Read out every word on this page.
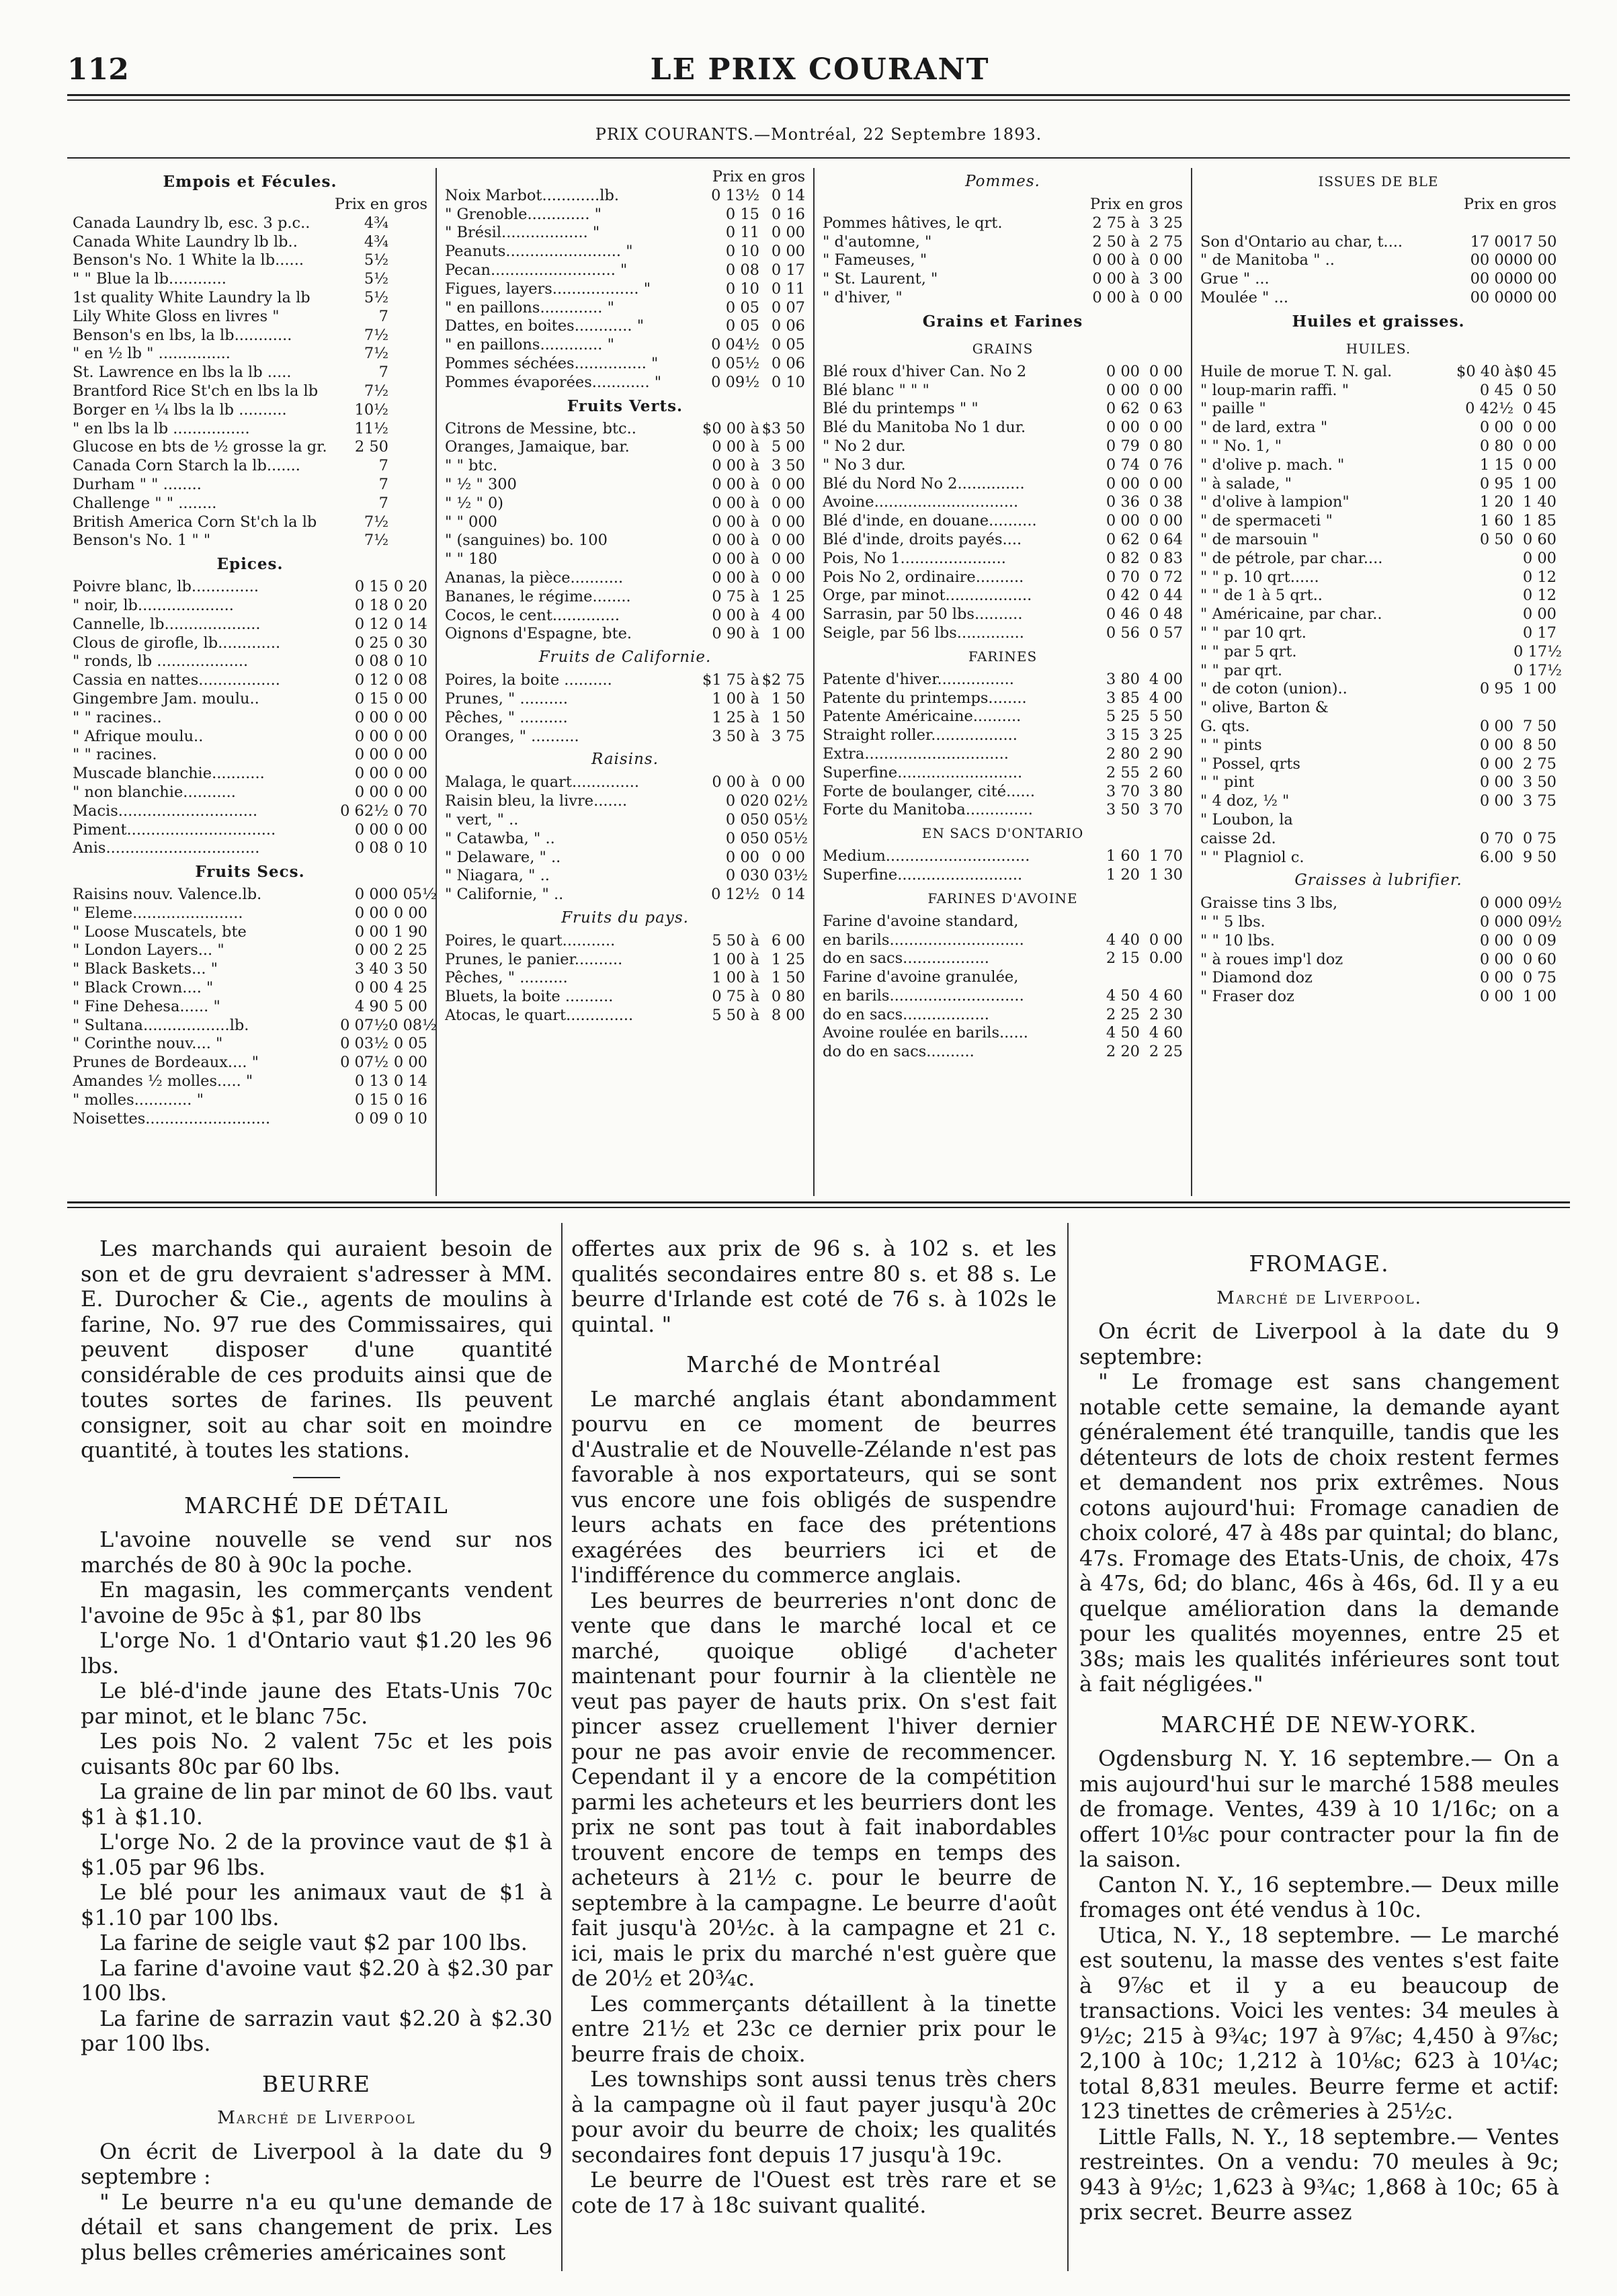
112	LE PRIX COURANT
PRIX COURANTS.—Montréal, 22 Septembre 1893.
Empois et Fécules.
Prix en gros
Canada Laundry lb, esc. 3 p.c..	4¾
Canada White Laundry lb lb..	4¾
Benson's No. 1 White la lb......	5½
" " Blue la lb............	5½
1st quality White Laundry la lb	5½
Lily White Gloss en livres "	7
Benson's en lbs, la lb............	7½
" en ½ lb " ...............	7½
St. Lawrence en lbs la lb .....	7
Brantford Rice St'ch en lbs la lb	7½
Borger en ¼ lbs la lb ..........	10½
" en lbs la lb ................	11½
Glucose en bts de ½ grosse la gr.	2 50
Canada Corn Starch la lb.......	7
Durham " " ........	7
Challenge " " ........	7
British America Corn St'ch la lb	7½
Benson's No. 1 " "	7½
Epices.
Poivre blanc, lb..............	0 15 0 20
" noir, lb....................	0 18 0 20
Cannelle, lb....................	0 12 0 14
Clous de girofle, lb.............	0 25 0 30
" ronds, lb ...................	0 08 0 10
Cassia en nattes.................	0 12 0 08
Gingembre Jam. moulu..	0 15 0 00
" " racines..	0 00 0 00
" Afrique moulu..	0 00 0 00
" " racines.	0 00 0 00
Muscade blanchie...........	0 00 0 00
" non blanchie...........	0 00 0 00
Macis.............................	0 62½ 0 70
Piment...............................	0 00 0 00
Anis................................	0 08 0 10
Fruits Secs.
Raisins nouv. Valence.lb.	0 00 0 05½
" Eleme.......................	0 00 0 00
" Loose Muscatels, bte	0 00 1 90
" London Layers... "	0 00 2 25
" Black Baskets... "	3 40 3 50
" Black Crown.... "	0 00 4 25
" Fine Dehesa...... "	4 90 5 00
" Sultana..................lb.	0 07½ 0 08½
" Corinthe nouv.... "	0 03½ 0 05
Prunes de Bordeaux.... "	0 07½ 0 00
Amandes ½ molles..... "	0 13 0 14
" molles............ "	0 15 0 16
Noisettes..........................	0 09 0 10
Prix en gros
Noix Marbot............lb.	0 13½ 0 14
" Grenoble............. "	0 15 0 16
" Brésil.................. "	0 11 0 00
Peanuts........................ "	0 10 0 00
Pecan.......................... "	0 08 0 17
Figues, layers.................. "	0 10 0 11
" en paillons............. "	0 05 0 07
Dattes, en boites............ "	0 05 0 06
" en paillons............. "	0 04½ 0 05
Pommes séchées............... "	0 05½ 0 06
Pommes évaporées............ "	0 09½ 0 10
Fruits Verts.
Citrons de Messine, btc..	$0 00 à $3 50
Oranges, Jamaique, bar.	0 00 à 5 00
" " btc.	0 00 à 3 50
" ½ " 300	0 00 à 0 00
" ½ " 0)	0 00 à 0 00
" " 000	0 00 à 0 00
" (sanguines) bo. 100	0 00 à 0 00
" " 180	0 00 à 0 00
Ananas, la pièce...........	0 00 à 0 00
Bananes, le régime........	0 75 à 1 25
Cocos, le cent..............	0 00 à 4 00
Oignons d'Espagne, bte.	0 90 à 1 00
Fruits de Californie.
Poires, la boite ..........	$1 75 à $2 75
Prunes, " ..........	1 00 à 1 50
Pêches, " ..........	1 25 à 1 50
Oranges, " ..........	3 50 à 3 75
Raisins.
Malaga, le quart..............	0 00 à 0 00
Raisin bleu, la livre.......	0 02 0 02½
" vert, " ..	0 05 0 05½
" Catawba, " ..	0 05 0 05½
" Delaware, " ..	0 00 0 00
" Niagara, " ..	0 03 0 03½
" Californie, " ..	0 12½ 0 14
Fruits du pays.
Poires, le quart...........	5 50 à 6 00
Prunes, le panier..........	1 00 à 1 25
Pêches, " ..........	1 00 à 1 50
Bluets, la boite ..........	0 75 à 0 80
Atocas, le quart..............	5 50 à 8 00
Pommes.
Prix en gros
Pommes hâtives, le qrt.	2 75 à 3 25
" d'automne, "	2 50 à 2 75
" Fameuses, "	0 00 à 0 00
" St. Laurent, "	0 00 à 3 00
" d'hiver, "	0 00 à 0 00
Grains et Farines
GRAINS
Blé roux d'hiver Can. No 2	0 00 0 00
Blé blanc " " "	0 00 0 00
Blé du printemps " "	0 62 0 63
Blé du Manitoba No 1 dur.	0 00 0 00
" No 2 dur.	0 79 0 80
" No 3 dur.	0 74 0 76
Blé du Nord No 2..............	0 00 0 00
Avoine..............................	0 36 0 38
Blé d'inde, en douane..........	0 00 0 00
Blé d'inde, droits payés....	0 62 0 64
Pois, No 1......................	0 82 0 83
Pois No 2, ordinaire..........	0 70 0 72
Orge, par minot..................	0 42 0 44
Sarrasin, par 50 lbs..........	0 46 0 48
Seigle, par 56 lbs..............	0 56 0 57
FARINES
Patente d'hiver................	3 80 4 00
Patente du printemps........	3 85 4 00
Patente Américaine..........	5 25 5 50
Straight roller..................	3 15 3 25
Extra..............................	2 80 2 90
Superfine..........................	2 55 2 60
Forte de boulanger, cité......	3 70 3 80
Forte du Manitoba..............	3 50 3 70
EN SACS D'ONTARIO
Medium..............................	1 60 1 70
Superfine..........................	1 20 1 30
FARINES D'AVOINE
Farine d'avoine standard,
en barils............................	4 40 0 00
do en sacs..................	2 15 0.00
Farine d'avoine granulée,
en barils............................	4 50 4 60
do en sacs..................	2 25 2 30
Avoine roulée en barils......	4 50 4 60
do do en sacs..........	2 20 2 25
ISSUES DE BLE
Prix en gros
Son d'Ontario au char, t....	17 00 17 50
" de Manitoba " ..	00 00 00 00
Grue " ...	00 00 00 00
Moulée " ...	00 00 00 00
Huiles et graisses.
HUILES.
Huile de morue T. N. gal.	$0 40 à $0 45
" loup-marin raffi. "	0 45 0 50
" paille "	0 42½ 0 45
" de lard, extra "	0 00 0 00
" " No. 1, "	0 80 0 00
" d'olive p. mach. "	1 15 0 00
" à salade, "	0 95 1 00
" d'olive à lampion"	1 20 1 40
" de spermaceti "	1 60 1 85
" de marsouin "	0 50 0 60
" de pétrole, par char....	0 00
" " p. 10 qrt......	0 12
" " de 1 à 5 qrt..	0 12
" Américaine, par char..	0 00
" " par 10 qrt.	0 17
" " par 5 qrt.	0 17½
" " par qrt.	0 17½
" de coton (union)..	0 95 1 00
" olive, Barton &
G. qts.	0 00 7 50
" " pints	0 00 8 50
" Possel, qrts	0 00 2 75
" " pint	0 00 3 50
" 4 doz, ½ "	0 00 3 75
" Loubon, la
caisse 2d.	0 70 0 75
" " Plagniol c.	6.00 9 50
Graisses à lubrifier.
Graisse tins 3 lbs,	0 00 0 09½
" " 5 lbs.	0 00 0 09½
" " 10 lbs.	0 00 0 09
" à roues imp'l doz	0 00 0 60
" Diamond doz	0 00 0 75
" Fraser doz	0 00 1 00

Les marchands qui auraient besoin de son et de gru devraient s'adresser à MM. E. Durocher & Cie., agents de moulins à farine, No. 97 rue des Commissaires, qui peuvent disposer d'une quantité considérable de ces produits ainsi que de toutes sortes de farines. Ils peuvent consigner, soit au char soit en moindre quantité, à toutes les stations.

MARCHÉ DE DÉTAIL

L'avoine nouvelle se vend sur nos marchés de 80 à 90c la poche.

En magasin, les commerçants vendent l'avoine de 95c à $1, par 80 lbs

L'orge No. 1 d'Ontario vaut $1.20 les 96 lbs.

Le blé-d'inde jaune des Etats-Unis 70c par minot, et le blanc 75c.

Les pois No. 2 valent 75c et les pois cuisants 80c par 60 lbs.

La graine de lin par minot de 60 lbs. vaut $1 à $1.10.

L'orge No. 2 de la province vaut de $1 à $1.05 par 96 lbs.

Le blé pour les animaux vaut de $1 à $1.10 par 100 lbs.

La farine de seigle vaut $2 par 100 lbs.

La farine d'avoine vaut $2.20 à $2.30 par 100 lbs.

La farine de sarrazin vaut $2.20 à $2.30 par 100 lbs.

BEURRE
Marché de Liverpool

On écrit de Liverpool à la date du 9 septembre :

" Le beurre n'a eu qu'une demande de détail et sans changement de prix. Les plus belles crêmeries américaines sont

offertes aux prix de 96 s. à 102 s. et les qualités secondaires entre 80 s. et 88 s. Le beurre d'Irlande est coté de 76 s. à 102s le quintal. "

Marché de Montréal

Le marché anglais étant abondamment pourvu en ce moment de beurres d'Australie et de Nouvelle-Zélande n'est pas favorable à nos exportateurs, qui se sont vus encore une fois obligés de suspendre leurs achats en face des prétentions exagérées des beurriers ici et de l'indifférence du commerce anglais.

Les beurres de beurreries n'ont donc de vente que dans le marché local et ce marché, quoique obligé d'acheter maintenant pour fournir à la clientèle ne veut pas payer de hauts prix. On s'est fait pincer assez cruellement l'hiver dernier pour ne pas avoir envie de recommencer. Cependant il y a encore de la compétition parmi les acheteurs et les beurriers dont les prix ne sont pas tout à fait inabordables trouvent encore de temps en temps des acheteurs à 21½ c. pour le beurre de septembre à la campagne. Le beurre d'août fait jusqu'à 20½c. à la campagne et 21 c. ici, mais le prix du marché n'est guère que de 20½ et 20¾c.

Les commerçants détaillent à la tinette entre 21½ et 23c ce dernier prix pour le beurre frais de choix.

Les townships sont aussi tenus très chers à la campagne où il faut payer jusqu'à 20c pour avoir du beurre de choix; les qualités secondaires font depuis 17 jusqu'à 19c.

Le beurre de l'Ouest est très rare et se cote de 17 à 18c suivant qualité.

FROMAGE.
Marché de Liverpool.

On écrit de Liverpool à la date du 9 septembre:

" Le fromage est sans changement notable cette semaine, la demande ayant généralement été tranquille, tandis que les détenteurs de lots de choix restent fermes et demandent nos prix extrêmes. Nous cotons aujourd'hui: Fromage canadien de choix coloré, 47 à 48s par quintal; do blanc, 47s. Fromage des Etats-Unis, de choix, 47s à 47s, 6d; do blanc, 46s à 46s, 6d. Il y a eu quelque amélioration dans la demande pour les qualités moyennes, entre 25 et 38s; mais les qualités inférieures sont tout à fait négligées."

MARCHÉ DE NEW-YORK.

Ogdensburg N. Y. 16 septembre.— On a mis aujourd'hui sur le marché 1588 meules de fromage. Ventes, 439 à 10 1/16c; on a offert 10⅛c pour contracter pour la fin de la saison.

Canton N. Y., 16 septembre.— Deux mille fromages ont été vendus à 10c.

Utica, N. Y., 18 septembre. — Le marché est soutenu, la masse des ventes s'est faite à 9⅞c et il y a eu beaucoup de transactions. Voici les ventes: 34 meules à 9½c; 215 à 9¾c; 197 à 9⅞c; 4,450 à 9⅞c; 2,100 à 10c; 1,212 à 10⅛c; 623 à 10¼c; total 8,831 meules. Beurre ferme et actif: 123 tinettes de crêmeries à 25½c.

Little Falls, N. Y., 18 septembre.— Ventes restreintes. On a vendu: 70 meules à 9c; 943 à 9½c; 1,623 à 9¾c; 1,868 à 10c; 65 à prix secret. Beurre assez
